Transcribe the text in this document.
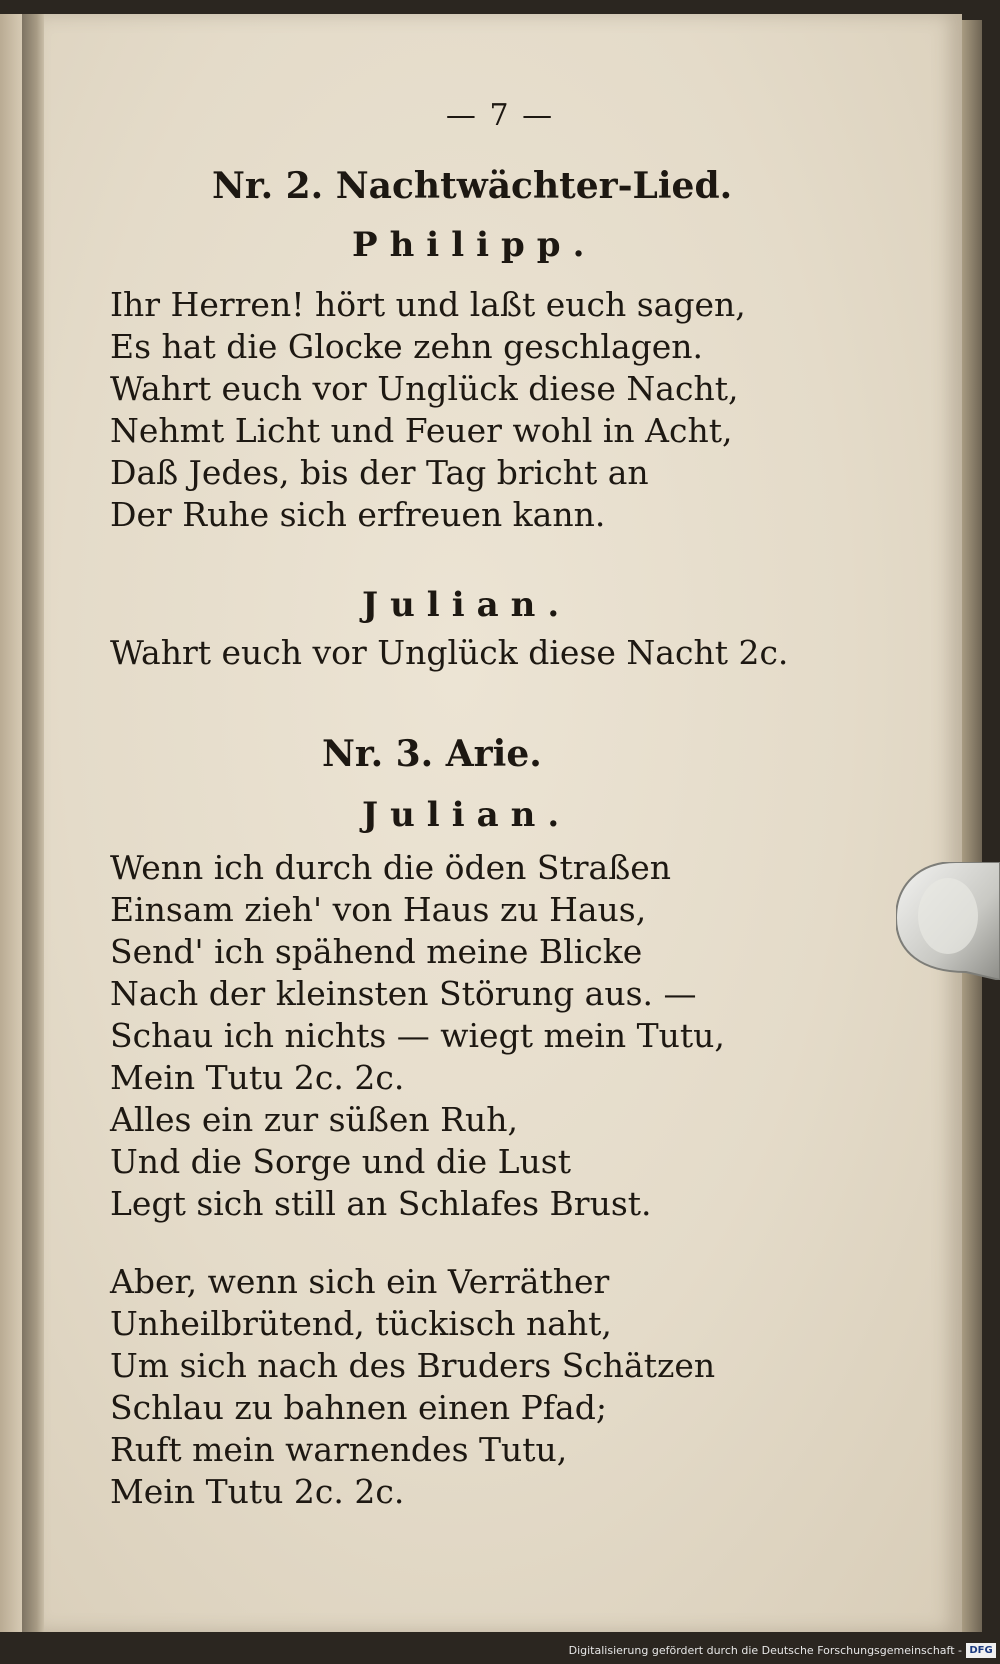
— 7 —
Nr. 2. Nachtwächter-Lied.
Philipp.
Ihr Herren! hört und laßt euch sagen,
Es hat die Glocke zehn geschlagen.
Wahrt euch vor Unglück diese Nacht,
Nehmt Licht und Feuer wohl in Acht,
Daß Jedes, bis der Tag bricht an
Der Ruhe sich erfreuen kann.
Julian.
Wahrt euch vor Unglück diese Nacht 2c.
Nr. 3. Arie.
Julian.
Wenn ich durch die öden Straßen
Einsam zieh' von Haus zu Haus,
Send' ich spähend meine Blicke
Nach der kleinsten Störung aus. —
Schau ich nichts — wiegt mein Tutu,
Mein Tutu 2c. 2c.
Alles ein zur süßen Ruh,
Und die Sorge und die Lust
Legt sich still an Schlafes Brust.
Aber, wenn sich ein Verräther
Unheilbrütend, tückisch naht,
Um sich nach des Bruders Schätzen
Schlau zu bahnen einen Pfad;
Ruft mein warnendes Tutu,
Mein Tutu 2c. 2c.
Digitalisierung gefördert durch die Deutsche Forschungsgemeinschaft - DFG
